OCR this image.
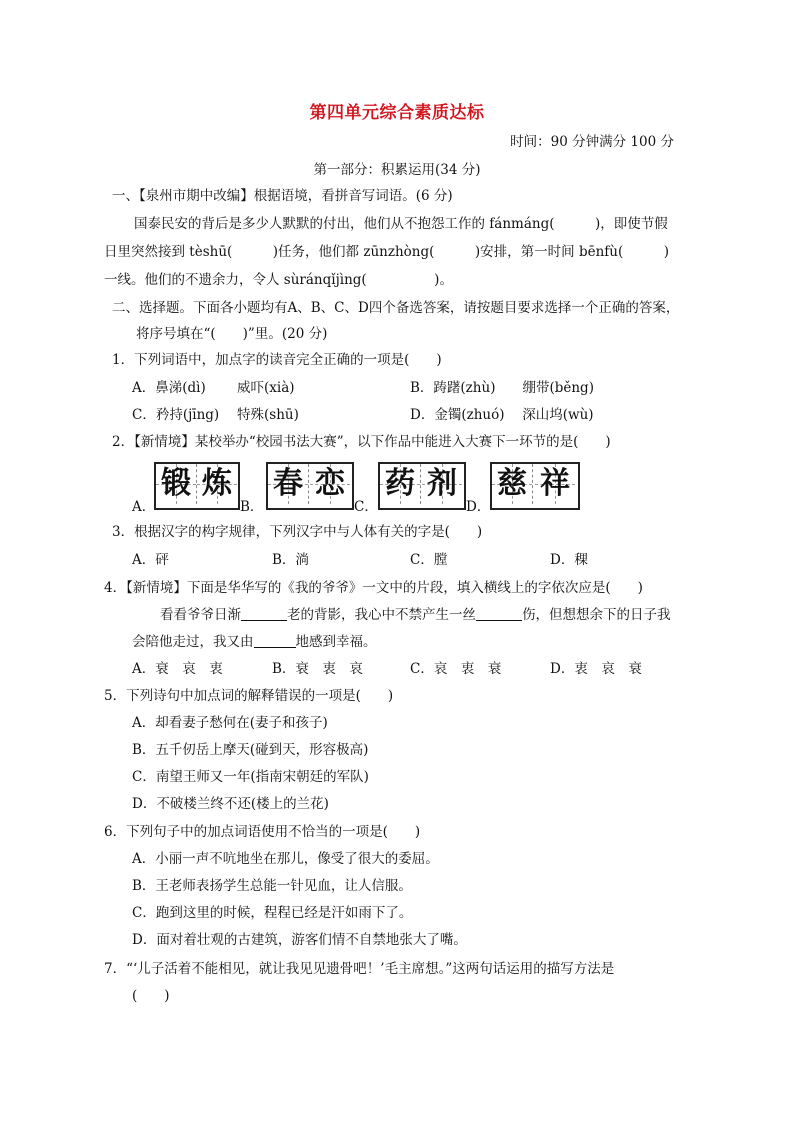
第四单元综合素质达标
时间：90 分钟满分 100 分
第一部分：积累运用(34 分)
一、【泉州市期中改编】根据语境，看拼音写词语。(6 分)
国泰民安的背后是多少人默默的付出，他们从不抱怨工作的 fánmáng(　　　)，即使节假
日里突然接到 tèshū(　　　)任务，他们都 zūnzhòng(　　　)安排，第一时间 bēnfù(　　　)
一线。他们的不遗余力，令人 sùránqǐjìng(　　　　　)。
二、选择题。下面各小题均有A、B、C、D四个备选答案，请按题目要求选择一个正确的答案，
将序号填在“(　　)”里。(20 分)
1．下列词语中，加点字的读音完全正确的一项是(　　)
A．鼻涕(dì)　　 威吓(xià)	B．踌躇(zhù)　　绷带(běng)
C．矜持(jīng)　 特殊(shū)	D．金镯(zhuó)　 深山坞(wù)
2．【新情境】某校举办“校园书法大赛”，以下作品中能进入大赛下一环节的是(　　)
A．
锻 炼
B．
春 恋
C．
药 剂
D．
慈 祥
3．根据汉字的构字规律，下列汉字中与人体有关的字是(　　)
A．砰	B．淌	C．膛	D．稞
4．【新情境】下面是华华写的《我的爷爷》一文中的片段，填入横线上的字依次应是(　　)
看看爷爷日渐	老的背影，我心中不禁产生一丝	伤，但想想余下的日子我
会陪他走过，我又由	地感到幸福。
A．衰　哀　衷	B．衰　衷　哀	C．哀　衷　衰	D．衷　哀　衰
5．下列诗句中加点词的解释错误的一项是(　　)
A．却看妻子愁何在(妻子和孩子)
B．五千仞岳上摩天(碰到天，形容极高)
C．南望王师又一年(指南宋朝廷的军队)
D．不破楼兰终不还(楼上的兰花)
6．下列句子中的加点词语使用不恰当的一项是(　　)
A．小丽一声不吭地坐在那儿，像受了很大的委屈。
B．王老师表扬学生总能一针见血，让人信服。
C．跑到这里的时候，程程已经是汗如雨下了。
D．面对着壮观的古建筑，游客们情不自禁地张大了嘴。
7．“‘儿子活着不能相见，就让我见见遗骨吧！’毛主席想。”这两句话运用的描写方法是
(　　)
